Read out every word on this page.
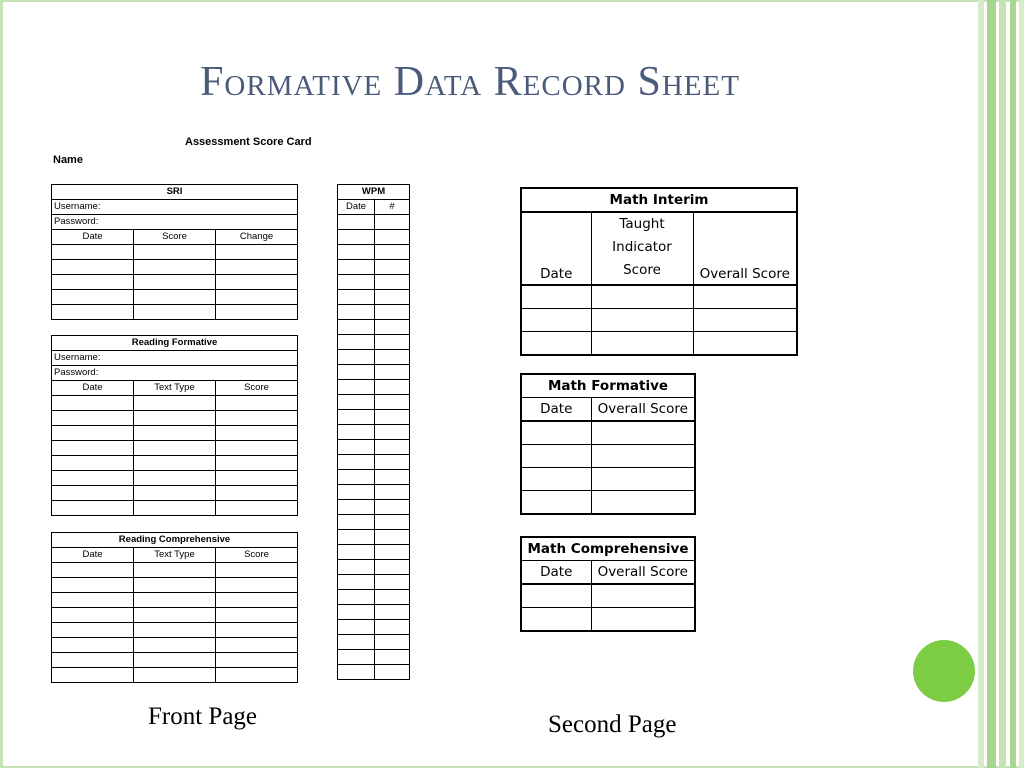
Formative Data Record Sheet
Assessment Score Card
Name
SRI		
Username:		
Password:		
Date	Score	Change

Reading Formative		
Username:		
Password:		
Date	Text Type	Score

Reading Comprehensive		
Date	Text Type	Score

WPM	
Date	#

		Math Interim		
Date	Taught Indicator Score	Overall Score

Math Formative	
Date	Overall Score

Math Comprehensive	
Date	Overall Score

Front Page	Second Page
